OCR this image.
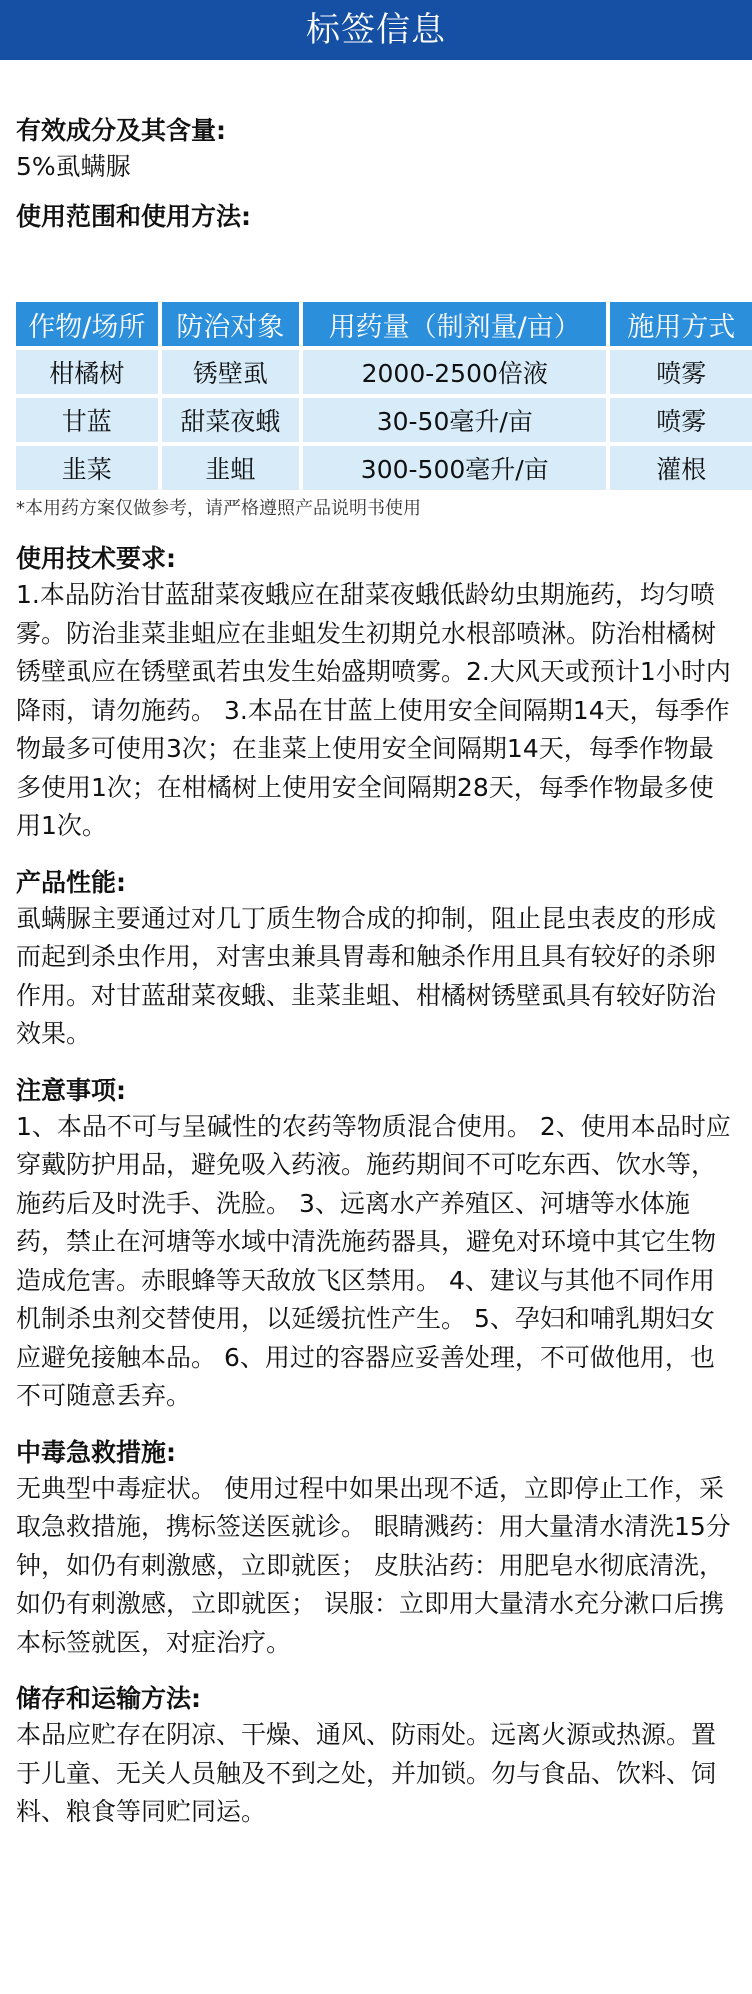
标签信息
有效成分及其含量:
5%虱螨脲
使用范围和使用方法:
作物/场所	防治对象	用药量（制剂量/亩）	施用方式
柑橘树	锈壁虱	2000-2500倍液	喷雾
甘蓝	甜菜夜蛾	30-50毫升/亩	喷雾
韭菜	韭蛆	300-500毫升/亩	灌根
*本用药方案仅做参考，请严格遵照产品说明书使用
使用技术要求:
1.本品防治甘蓝甜菜夜蛾应在甜菜夜蛾低龄幼虫期施药，均匀喷雾。防治韭菜韭蛆应在韭蛆发生初期兑水根部喷淋。防治柑橘树锈壁虱应在锈壁虱若虫发生始盛期喷雾。2.大风天或预计1小时内降雨，请勿施药。 3.本品在甘蓝上使用安全间隔期14天，每季作物最多可使用3次；在韭菜上使用安全间隔期14天，每季作物最多使用1次；在柑橘树上使用安全间隔期28天，每季作物最多使用1次。
产品性能:
虱螨脲主要通过对几丁质生物合成的抑制，阻止昆虫表皮的形成而起到杀虫作用，对害虫兼具胃毒和触杀作用且具有较好的杀卵作用。对甘蓝甜菜夜蛾、韭菜韭蛆、柑橘树锈壁虱具有较好防治效果。
注意事项:
1、本品不可与呈碱性的农药等物质混合使用。 2、使用本品时应穿戴防护用品，避免吸入药液。施药期间不可吃东西、饮水等，施药后及时洗手、洗脸。 3、远离水产养殖区、河塘等水体施药，禁止在河塘等水域中清洗施药器具，避免对环境中其它生物造成危害。赤眼蜂等天敌放飞区禁用。 4、建议与其他不同作用机制杀虫剂交替使用，以延缓抗性产生。 5、孕妇和哺乳期妇女应避免接触本品。 6、用过的容器应妥善处理，不可做他用，也不可随意丢弃。
中毒急救措施:
无典型中毒症状。 使用过程中如果出现不适，立即停止工作，采取急救措施，携标签送医就诊。 眼睛溅药：用大量清水清洗15分钟，如仍有刺激感，立即就医； 皮肤沾药：用肥皂水彻底清洗，如仍有刺激感，立即就医； 误服：立即用大量清水充分漱口后携本标签就医，对症治疗。
储存和运输方法:
本品应贮存在阴凉、干燥、通风、防雨处。远离火源或热源。置于儿童、无关人员触及不到之处，并加锁。勿与食品、饮料、饲料、粮食等同贮同运。
